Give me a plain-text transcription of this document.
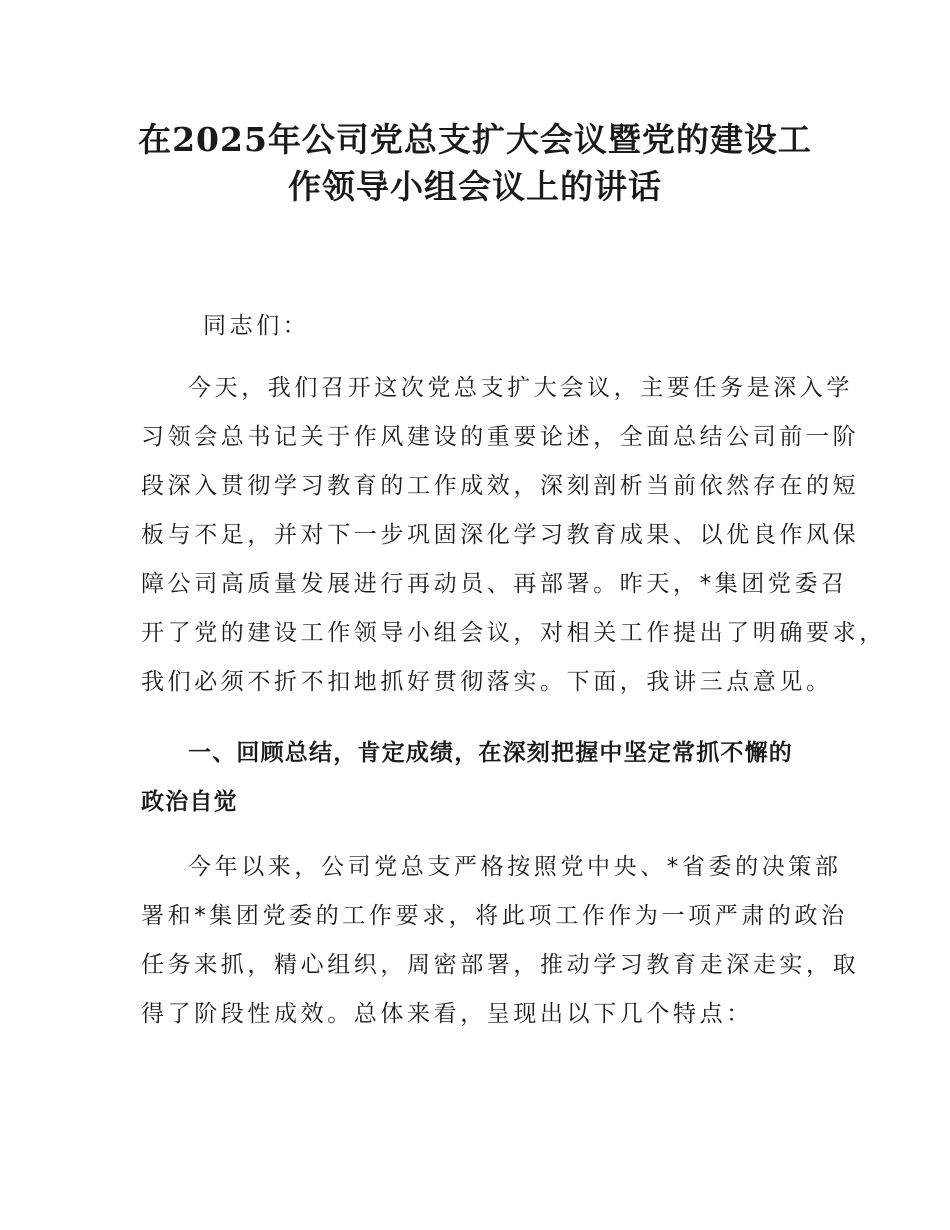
在2025年公司党总支扩大会议暨党的建设工
作领导小组会议上的讲话

同志们：

今天，我们召开这次党总支扩大会议，主要任务是深入学

习领会总书记关于作风建设的重要论述，全面总结公司前一阶

段深入贯彻学习教育的工作成效，深刻剖析当前依然存在的短

板与不足，并对下一步巩固深化学习教育成果、以优良作风保

障公司高质量发展进行再动员、再部署。昨天，*集团党委召

开了党的建设工作领导小组会议，对相关工作提出了明确要求，

我们必须不折不扣地抓好贯彻落实。下面，我讲三点意见。

一、回顾总结，肯定成绩，在深刻把握中坚定常抓不懈的

政治自觉

今年以来，公司党总支严格按照党中央、*省委的决策部

署和*集团党委的工作要求，将此项工作作为一项严肃的政治

任务来抓，精心组织，周密部署，推动学习教育走深走实，取

得了阶段性成效。总体来看，呈现出以下几个特点：
